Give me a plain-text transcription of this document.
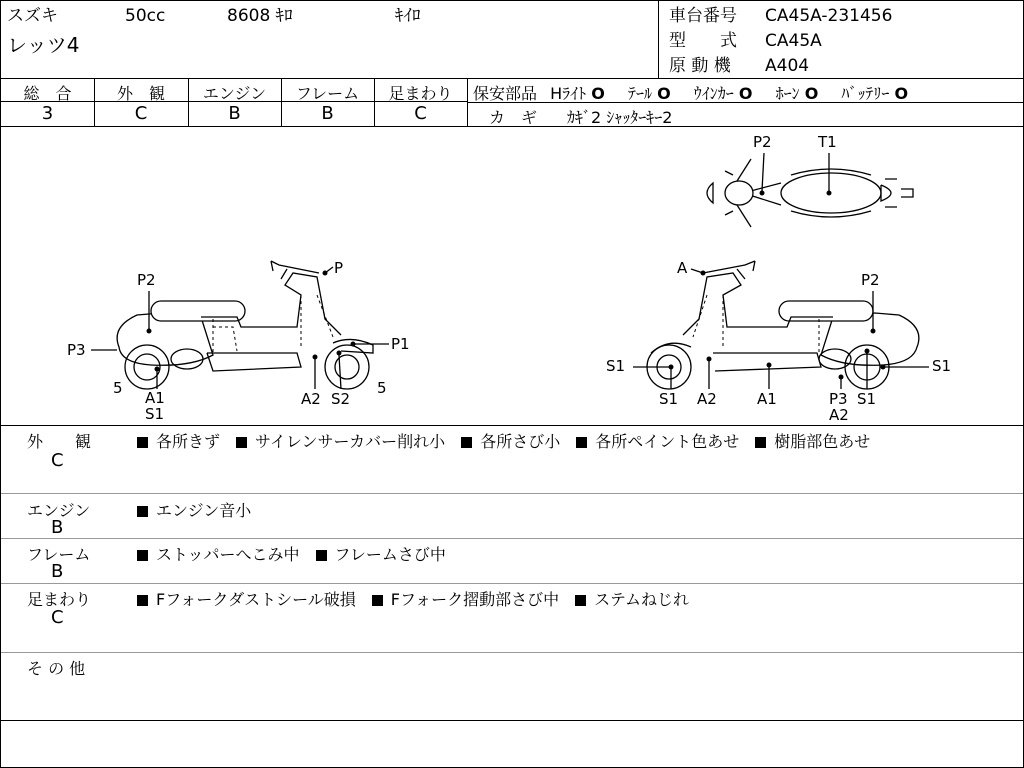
スズキ	50cc	8608 ｷﾛ	ｷｲﾛ
レッツ4
車台番号 CA45A-231456
型　　式 CA45A
原 動 機 A404
総　合	外　観	エンジン	フレーム	足まわり
3	C	B	B	C
保安部品 Hﾗｲﾄ O ﾃｰﾙ O ｳｲﾝｶｰ O ﾎｰﾝ O ﾊﾞｯﾃﾘｰ O
カ　ギ ｶｷﾞ2 ｼｬｯﾀｰｷｰ2
P2	T1
P2
P
P3	P1
5
A1
S1
A2 S2
5
A
P2
S1	S1
S1 A2	A1	P3 S1
A2
外　　観
C
各所きず サイレンサーカバー削れ小 各所さび小 各所ペイント色あせ 樹脂部色あせ
エンジン
B
エンジン音小
フレーム
B
ストッパーへこみ中 フレームさび中
足まわり
C
Fフォークダストシール破損 Fフォーク摺動部さび中 ステムねじれ
そ の 他
